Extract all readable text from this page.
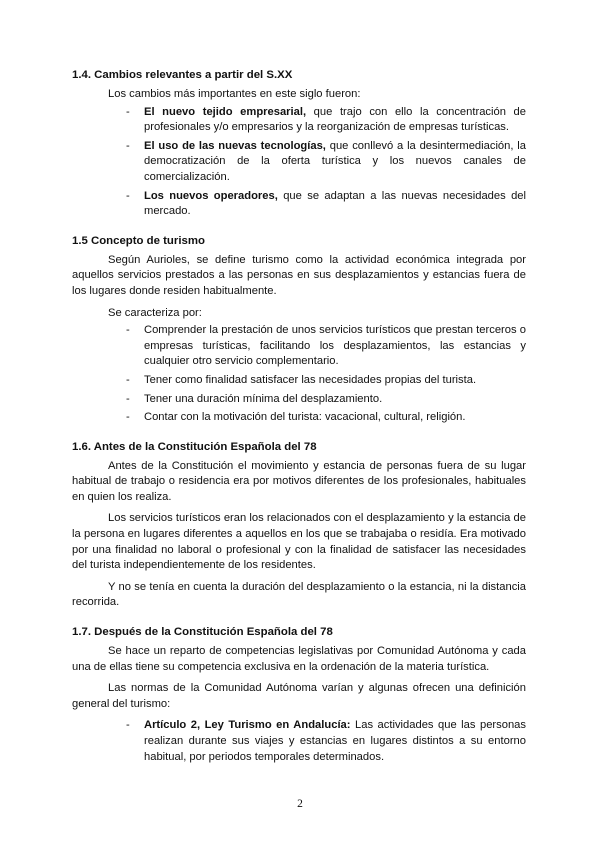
1.4. Cambios relevantes a partir del S.XX

Los cambios más importantes en este siglo fueron:

- El nuevo tejido empresarial, que trajo con ello la concentración de profesionales y/o empresarios y la reorganización de empresas turísticas.
- El uso de las nuevas tecnologías, que conllevó a la desintermediación, la democratización de la oferta turística y los nuevos canales de comercialización.
- Los nuevos operadores, que se adaptan a las nuevas necesidades del mercado.
1.5 Concepto de turismo

Según Aurioles, se define turismo como la actividad económica integrada por aquellos servicios prestados a las personas en sus desplazamientos y estancias fuera de los lugares donde residen habitualmente.

Se caracteriza por:

- Comprender la prestación de unos servicios turísticos que prestan terceros o empresas turísticas, facilitando los desplazamientos, las estancias y cualquier otro servicio complementario.
- Tener como finalidad satisfacer las necesidades propias del turista.
- Tener una duración mínima del desplazamiento.
- Contar con la motivación del turista: vacacional, cultural, religión.
1.6. Antes de la Constitución Española del 78

Antes de la Constitución el movimiento y estancia de personas fuera de su lugar habitual de trabajo o residencia era por motivos diferentes de los profesionales, habituales en quien los realiza.

Los servicios turísticos eran los relacionados con el desplazamiento y la estancia de la persona en lugares diferentes a aquellos en los que se trabajaba o residía. Era motivado por una finalidad no laboral o profesional y con la finalidad de satisfacer las necesidades del turista independientemente de los residentes.

Y no se tenía en cuenta la duración del desplazamiento o la estancia, ni la distancia recorrida.

1.7. Después de la Constitución Española del 78

Se hace un reparto de competencias legislativas por Comunidad Autónoma y cada una de ellas tiene su competencia exclusiva en la ordenación de la materia turística.

Las normas de la Comunidad Autónoma varían y algunas ofrecen una definición general del turismo:

- Artículo 2, Ley Turismo en Andalucía: Las actividades que las personas realizan durante sus viajes y estancias en lugares distintos a su entorno habitual, por periodos temporales determinados.
2
